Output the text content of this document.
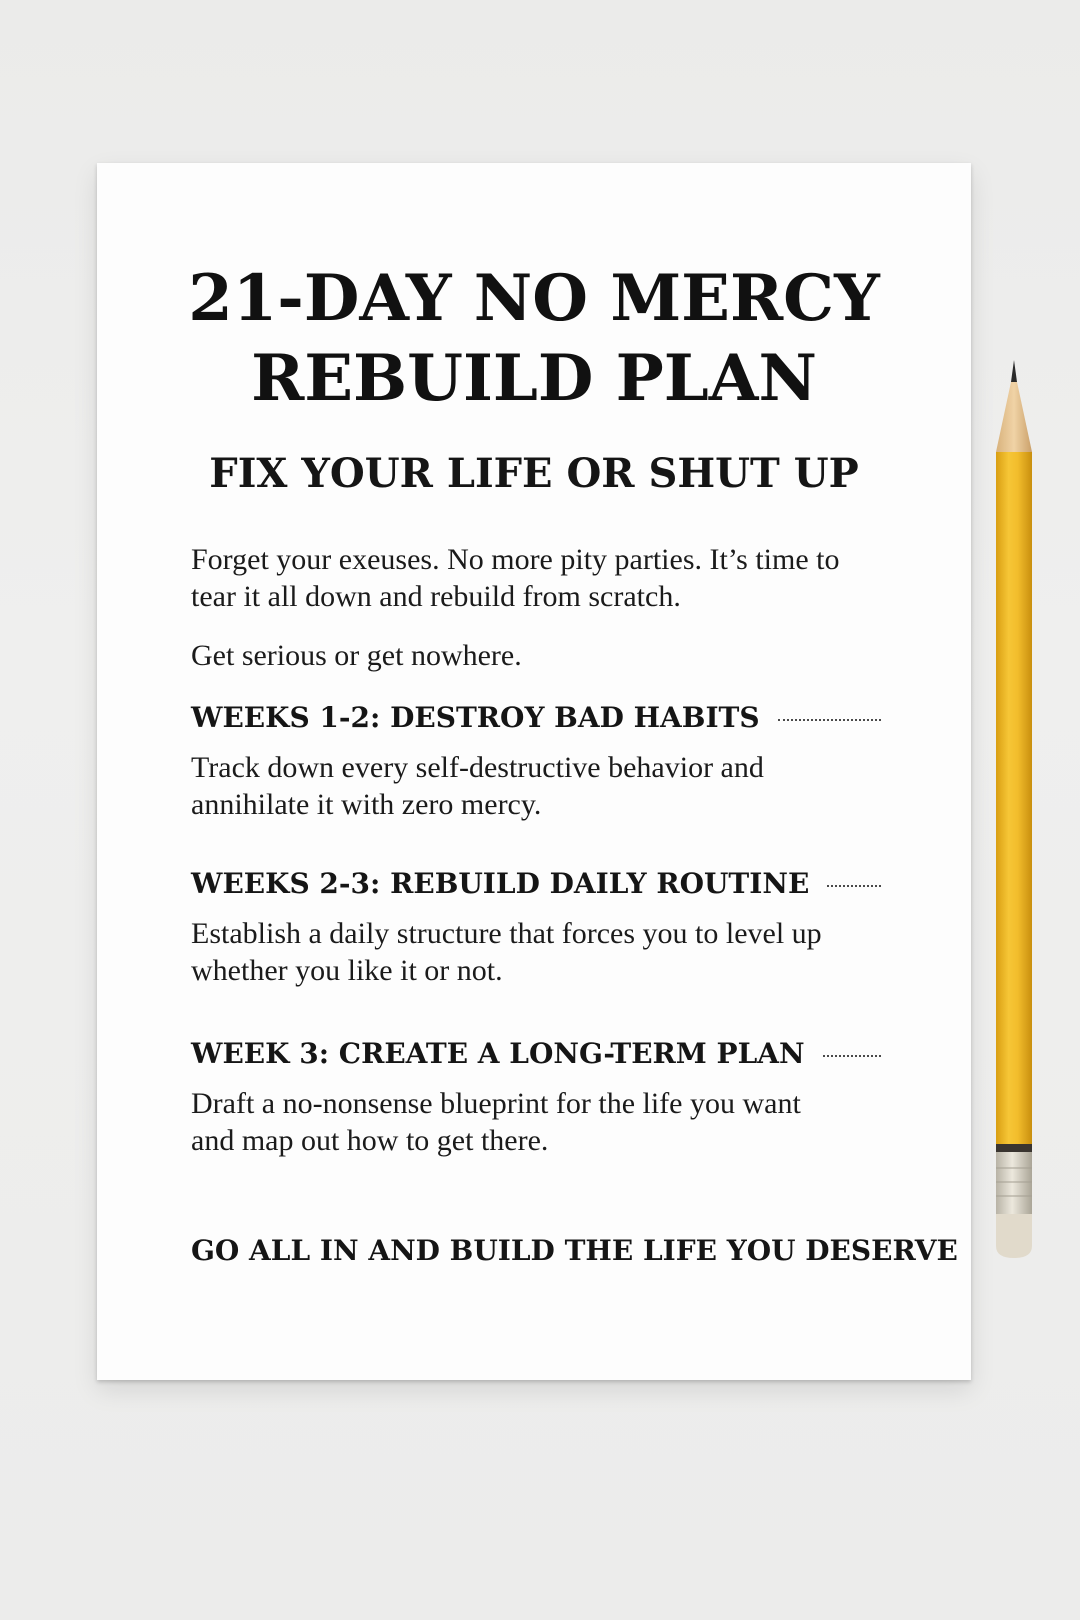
21-DAY NO MERCY
REBUILD PLAN
FIX YOUR LIFE OR SHUT UP

Forget your exeuses. No more pity parties. It’s time to tear it all down and rebuild from scratch.

Get serious or get nowhere.

WEEKS 1-2: DESTROY BAD HABITS

Track down every self-destructive behavior and annihilate it with zero mercy.

WEEKS 2-3: REBUILD DAILY ROUTINE

Establish a daily structure that forces you to level up whether you like it or not.

WEEK 3: CREATE A LONG-TERM PLAN

Draft a no-nonsense blueprint for the life you want and map out how to get there.

GO ALL IN AND BUILD THE LIFE YOU DESERVE
